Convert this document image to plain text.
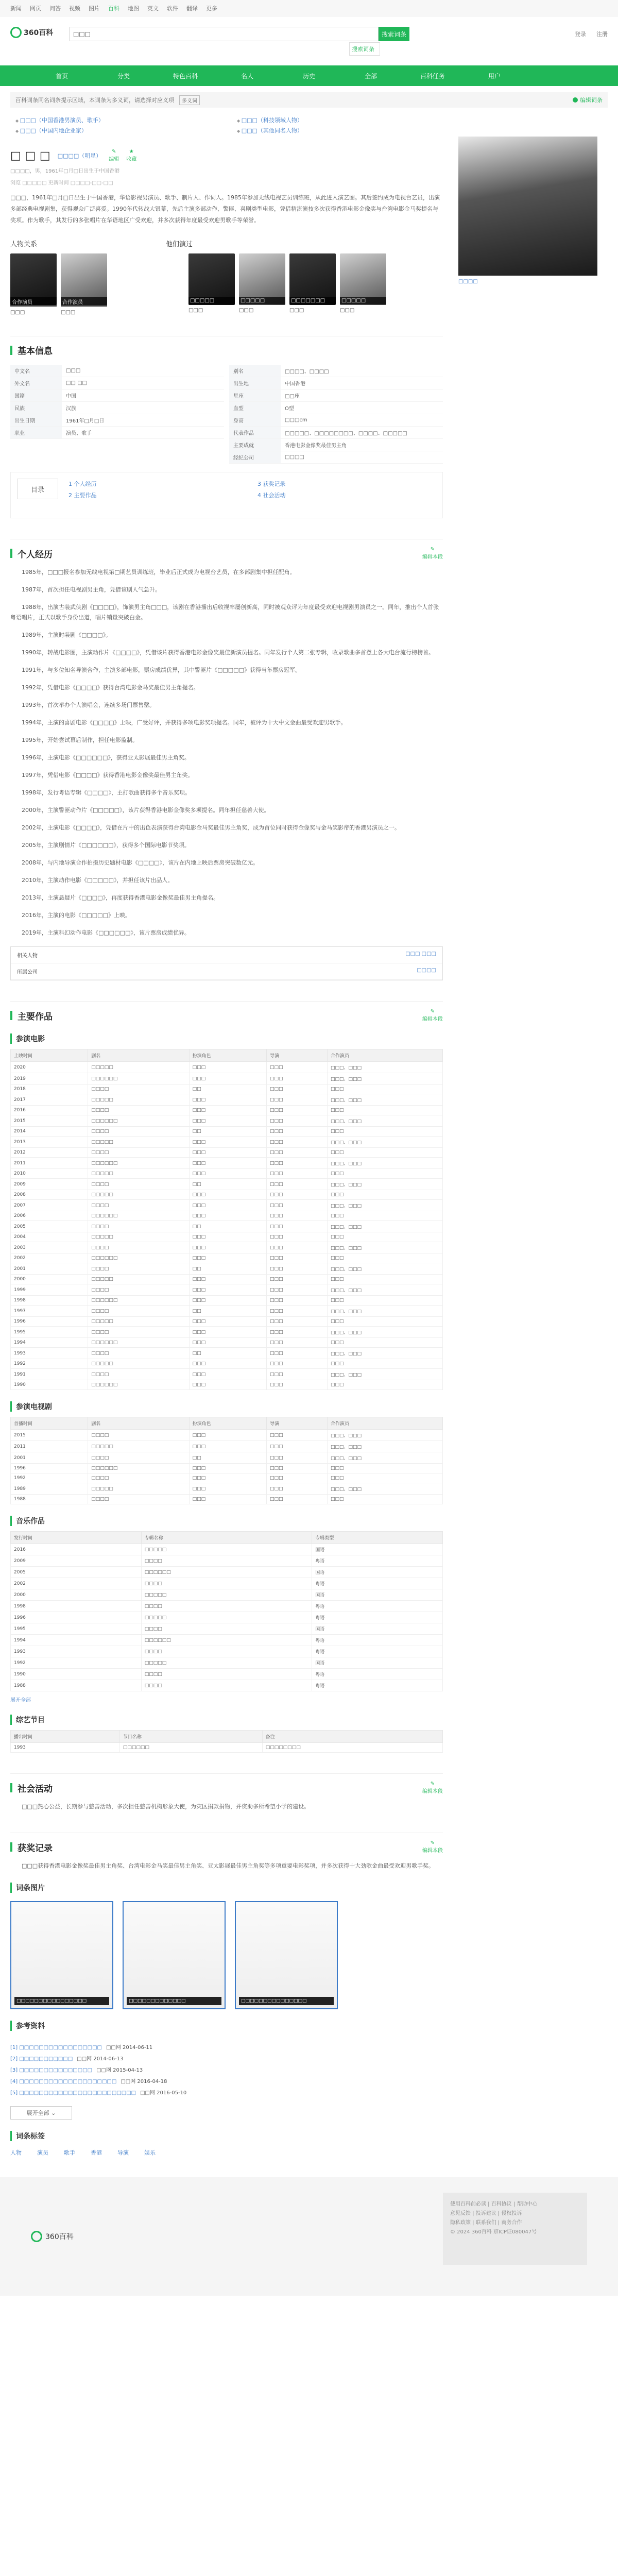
新闻 网页 问答 视频 图片 百科 地图 英文 软件 翻译 更多
360百科	□□□	搜索词条
搜索词条
登录 注册
首页	分类	特色百科	名人	历史	全部	百科任务	用户
百科词条同名词条提示区域，本词条为多义词，请选择对应义项	多义词	编辑词条
◆ □□□（中国香港男演员、歌手）	◆ □□□（科技领域人物）
◆ □□□（中国内地企业家）	◆ □□□（其他同名人物）
□ □ □ □□□□（明星）
✎
编辑
★
收藏
□□□□，男，1961年□月□日出生于中国香港
浏览 □□□□□ 更新时间 □□□□-□□-□□
□□□，1961年□月□日出生于中国香港，华语影视男演员、歌手、制片人、作词人。1985年参加无线电视艺员训练班，从此进入演艺圈。其后签约成为电视台艺员，出演多部经典电视剧集，获得观众广泛喜爱。1990年代转战大银幕，先后主演多部动作、警匪、喜剧类型电影，凭借精湛演技多次获得香港电影金像奖与台湾电影金马奖提名与奖项。作为歌手，其发行的多张唱片在华语地区广受欢迎，并多次获得年度最受欢迎男歌手等荣誉。
人物关系	他们演过
合作演员
□□□
合作演员
□□□
□□□□□
□□□
□□□□□
□□□
□□□□□□□
□□□
□□□□□
□□□
基本信息
中文名	□□□
外文名	□□ □□
国籍	中国
民族	汉族
出生日期	1961年□月□日
职业	演员、歌手
别名	□□□□、□□□□
出生地	中国香港
星座	□□座
血型	O型
身高	□□□cm
代表作品	□□□□□、□□□□□□□□、□□□□、□□□□□
主要成就	香港电影金像奖最佳男主角
经纪公司	□□□□
目录
1 个人经历
2 主要作品
3 获奖记录
4 社会活动
个人经历	✎
编辑本段

1985年，□□□报名参加无线电视第□期艺员训练班，毕业后正式成为电视台艺员，在多部剧集中担任配角。

1987年，首次担任电视剧男主角，凭借该剧人气急升。

1988年，出演古装武侠剧《□□□□》，饰演男主角□□□，该剧在香港播出后收视率屡创新高，同时被观众评为年度最受欢迎电视剧男演员之一。同年，推出个人首张粤语唱片，正式以歌手身份出道，唱片销量突破白金。

1989年，主演时装剧《□□□□》。

1990年，转战电影圈，主演动作片《□□□□》，凭借该片获得香港电影金像奖最佳新演员提名。同年发行个人第二张专辑，收录歌曲多首登上各大电台流行榜榜首。

1991年，与多位知名导演合作，主演多部电影，票房成绩优异，其中警匪片《□□□□□》获得当年票房冠军。

1992年，凭借电影《□□□□》获得台湾电影金马奖最佳男主角提名。

1993年，首次举办个人演唱会，连续多场门票售罄。

1994年，主演的喜剧电影《□□□□》上映，广受好评，并获得多项电影奖项提名。同年，被评为十大中文金曲最受欢迎男歌手。

1995年，开始尝试幕后制作，担任电影监制。

1996年，主演电影《□□□□□□》，获得亚太影展最佳男主角奖。

1997年，凭借电影《□□□□》获得香港电影金像奖最佳男主角奖。

1998年，发行粤语专辑《□□□□》，主打歌曲获得多个音乐奖项。

2000年，主演警匪动作片《□□□□□》，该片获得香港电影金像奖多项提名。同年担任慈善大使。

2002年，主演电影《□□□□》，凭借在片中的出色表演获得台湾电影金马奖最佳男主角奖，成为首位同时获得金像奖与金马奖影帝的香港男演员之一。

2005年，主演剧情片《□□□□□□》，获得多个国际电影节奖项。

2008年，与内地导演合作拍摄历史题材电影《□□□□》，该片在内地上映后票房突破数亿元。

2010年，主演动作电影《□□□□□》，并担任该片出品人。

2013年，主演悬疑片《□□□□》，再度获得香港电影金像奖最佳男主角提名。

2016年，主演的电影《□□□□□》上映。

2019年，主演科幻动作电影《□□□□□□》，该片票房成绩优异。

相关人物	□□□ □□□
所属公司	□□□□
主要作品	✎
编辑本段
参演电影
上映时间	剧名	扮演角色	导演	合作演员
2020	□□□□□	□□□	□□□	□□□、□□□
2019	□□□□□□	□□□	□□□	□□□、□□□
2018	□□□□	□□	□□□	□□□
2017	□□□□□	□□□	□□□	□□□、□□□
2016	□□□□	□□□	□□□	□□□
2015	□□□□□□	□□□	□□□	□□□、□□□
2014	□□□□	□□	□□□	□□□
2013	□□□□□	□□□	□□□	□□□、□□□
2012	□□□□	□□□	□□□	□□□
2011	□□□□□□	□□□	□□□	□□□、□□□
2010	□□□□□	□□□	□□□	□□□
2009	□□□□	□□	□□□	□□□、□□□
2008	□□□□□	□□□	□□□	□□□
2007	□□□□	□□□	□□□	□□□、□□□
2006	□□□□□□	□□□	□□□	□□□
2005	□□□□	□□	□□□	□□□、□□□
2004	□□□□□	□□□	□□□	□□□
2003	□□□□	□□□	□□□	□□□、□□□
2002	□□□□□□	□□□	□□□	□□□
2001	□□□□	□□	□□□	□□□、□□□
2000	□□□□□	□□□	□□□	□□□
1999	□□□□	□□□	□□□	□□□、□□□
1998	□□□□□□	□□□	□□□	□□□
1997	□□□□	□□	□□□	□□□、□□□
1996	□□□□□	□□□	□□□	□□□
1995	□□□□	□□□	□□□	□□□、□□□
1994	□□□□□□	□□□	□□□	□□□
1993	□□□□	□□	□□□	□□□、□□□
1992	□□□□□	□□□	□□□	□□□
1991	□□□□	□□□	□□□	□□□、□□□
1990	□□□□□□	□□□	□□□	□□□
参演电视剧
首播时间	剧名	扮演角色	导演	合作演员
2015	□□□□	□□□	□□□	□□□、□□□
2011	□□□□□	□□□	□□□	□□□、□□□
2001	□□□□	□□	□□□	□□□、□□□
1996	□□□□□□	□□□	□□□	□□□
1992	□□□□	□□□	□□□	□□□
1989	□□□□□	□□□	□□□	□□□、□□□
1988	□□□□	□□□	□□□	□□□
音乐作品
发行时间	专辑名称	专辑类型
2016	□□□□□	国语
2009	□□□□	粤语
2005	□□□□□□	国语
2002	□□□□	粤语
2000	□□□□□	国语
1998	□□□□	粤语
1996	□□□□□	粤语
1995	□□□□	国语
1994	□□□□□□	粤语
1993	□□□□	粤语
1992	□□□□□	国语
1990	□□□□	粤语
1988	□□□□	粤语
展开全部
综艺节目
播出时间	节目名称	备注
1993	□□□□□□	□□□□□□□□
社会活动	✎
编辑本段

□□□热心公益，长期参与慈善活动，多次担任慈善机构形象大使，为灾区捐款捐物，并资助多所希望小学的建设。

获奖记录	✎
编辑本段

□□□获得香港电影金像奖最佳男主角奖、台湾电影金马奖最佳男主角奖、亚太影展最佳男主角奖等多项重要电影奖项，并多次获得十大劲歌金曲最受欢迎男歌手奖。

词条图片
□□□□□□□□□□□□□□□□	□□□□□□□□□□□□□	□□□□□□□□□□□□□□□
参考资料
[1] □□□□□□□□□□□□□□□□□ □□网 2014-06-11
[2] □□□□□□□□□□□ □□网 2014-06-13
[3] □□□□□□□□□□□□□□□ □□网 2015-04-13
[4] □□□□□□□□□□□□□□□□□□□□ □□网 2016-04-18
[5] □□□□□□□□□□□□□□□□□□□□□□□□ □□网 2016-05-10
展开全部
⌄
词条标签
人物	演员	歌手	香港	导演	娱乐
□□□□
360百科
使用百科前必读 | 百科协议 | 帮助中心
意见反馈 | 投诉建议 | 侵权投诉
隐私政策 | 联系我们 | 商务合作
© 2024 360百科 京ICP证080047号
